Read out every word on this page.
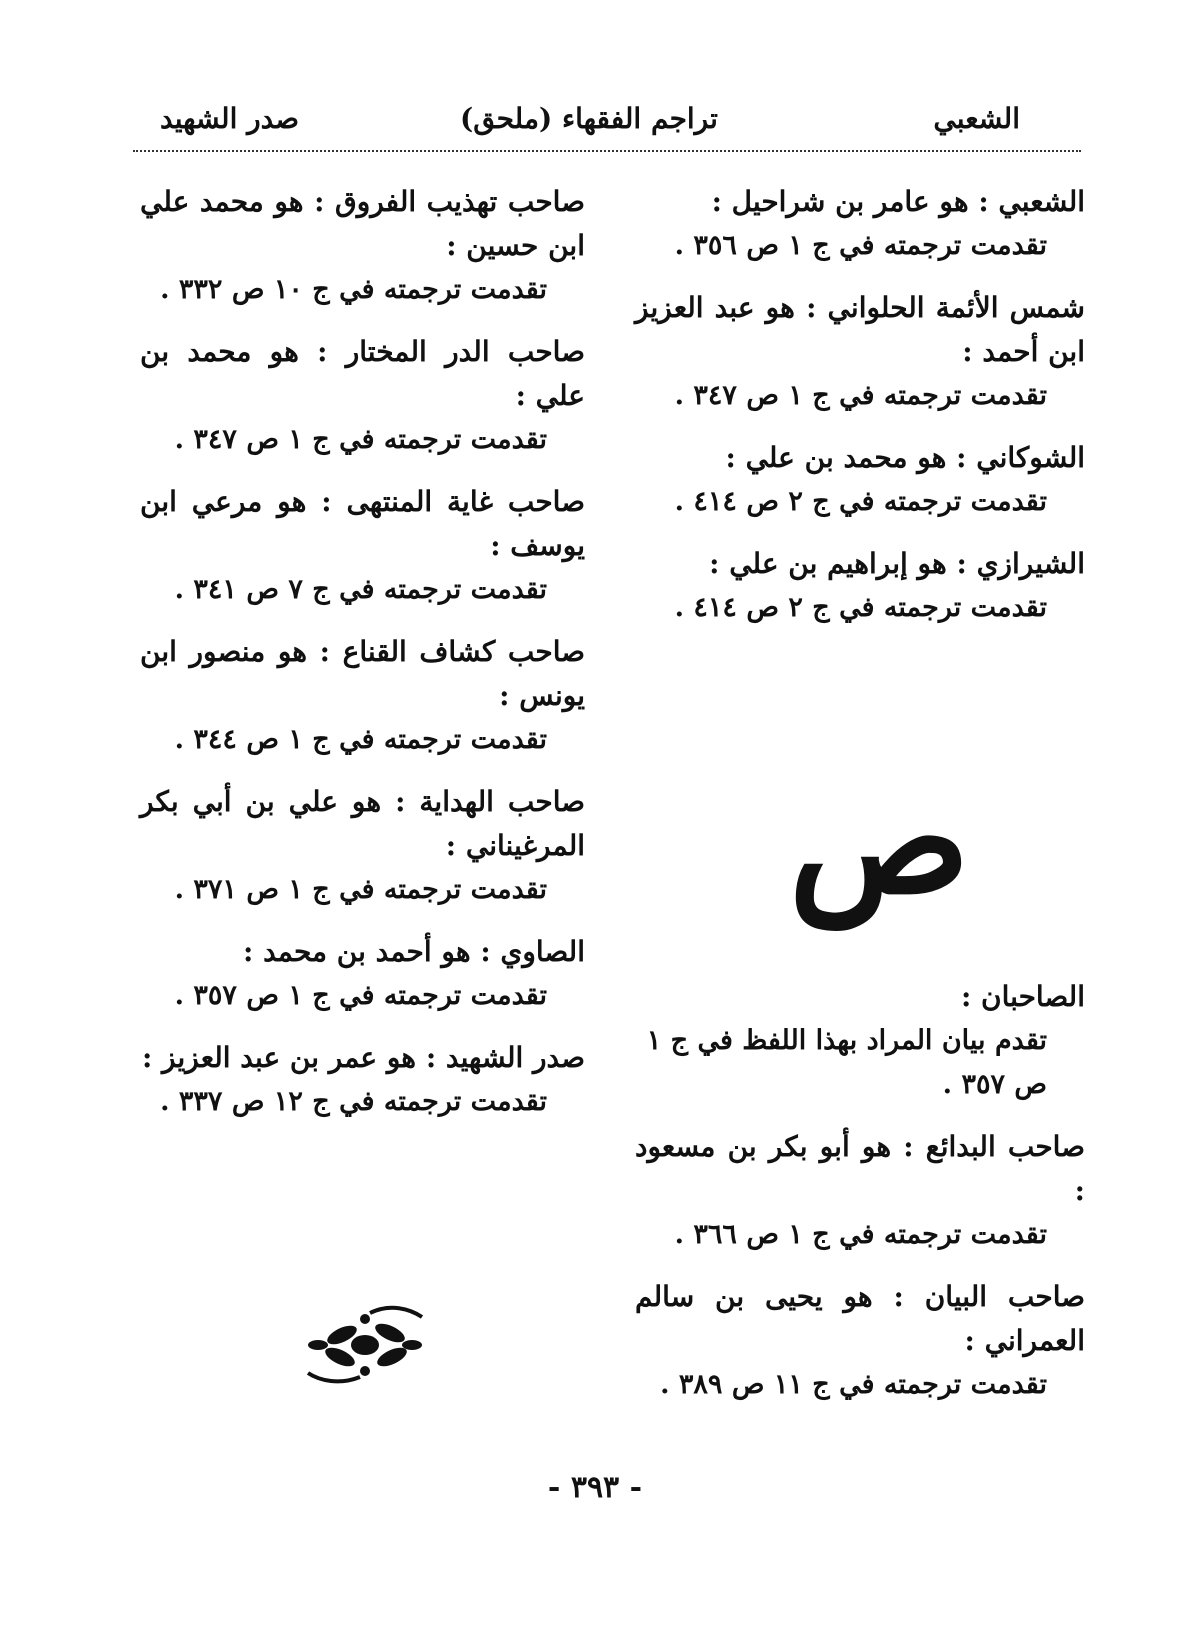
الشعبي
(ملحق) تراجم الفقهاء
صدر الشهيد
الشعبي : هو عامر بن شراحيل :
تقدمت ترجمته في ج ١ ص ٣٥٦ .
شمس الأئمة الحلواني : هو عبد العزيز ابن أحمد :
تقدمت ترجمته في ج ١ ص ٣٤٧ .
الشوكاني : هو محمد بن علي :
تقدمت ترجمته في ج ٢ ص ٤١٤ .
الشيرازي : هو إبراهيم بن علي :
تقدمت ترجمته في ج ٢ ص ٤١٤ .
ص
الصاحبان :
تقدم بيان المراد بهذا اللفظ في ج ١ ص ٣٥٧ .
صاحب البدائع : هو أبو بكر بن مسعود :
تقدمت ترجمته في ج ١ ص ٣٦٦ .
صاحب البيان : هو يحيى بن سالم العمراني :
تقدمت ترجمته في ج ١١ ص ٣٨٩ .
صاحب تهذيب الفروق : هو محمد علي ابن حسين :
تقدمت ترجمته في ج ١٠ ص ٣٣٢ .
صاحب الدر المختار : هو محمد بن علي :
تقدمت ترجمته في ج ١ ص ٣٤٧ .
صاحب غاية المنتهى : هو مرعي ابن يوسف :
تقدمت ترجمته في ج ٧ ص ٣٤١ .
صاحب كشاف القناع : هو منصور ابن يونس :
تقدمت ترجمته في ج ١ ص ٣٤٤ .
صاحب الهداية : هو علي بن أبي بكر المرغيناني :
تقدمت ترجمته في ج ١ ص ٣٧١ .
الصاوي : هو أحمد بن محمد :
تقدمت ترجمته في ج ١ ص ٣٥٧ .
صدر الشهيد : هو عمر بن عبد العزيز :
تقدمت ترجمته في ج ١٢ ص ٣٣٧ .
- ٣٩٣ -
